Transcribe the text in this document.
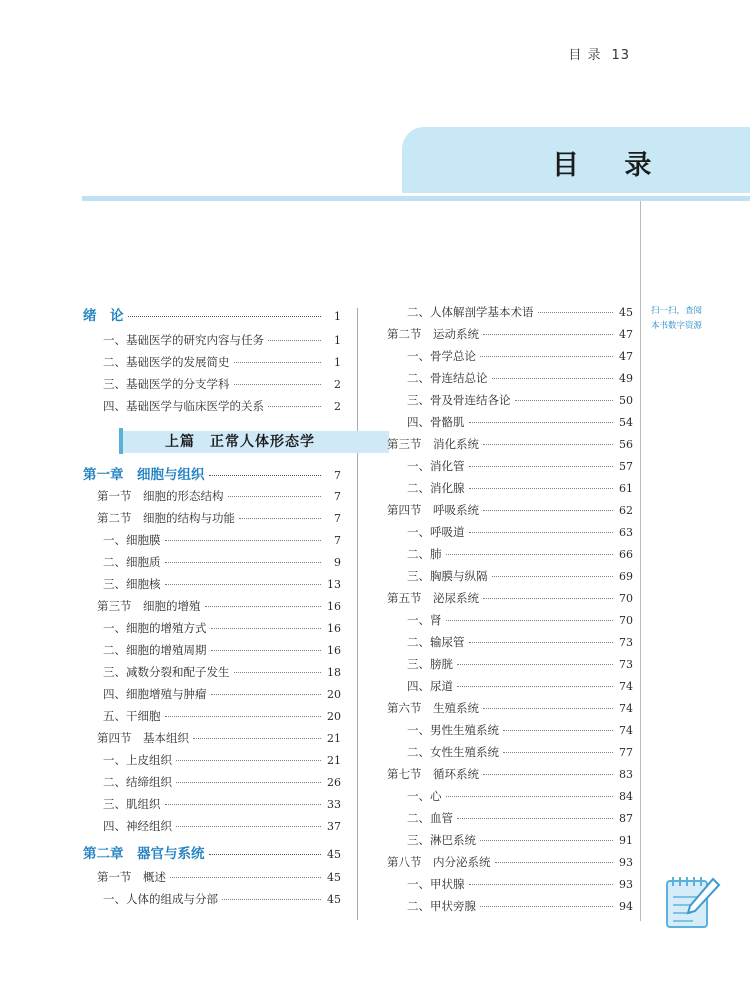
目 录 13
目 录
扫一扫，查阅
本书数字资源
绪　论	1
一、基础医学的研究内容与任务	1
二、基础医学的发展简史	1
三、基础医学的分支学科	2
四、基础医学与临床医学的关系	2
上篇　正常人体形态学
第一章　细胞与组织	7
第一节　细胞的形态结构	7
第二节　细胞的结构与功能	7
一、细胞膜	7
二、细胞质	9
三、细胞核	13
第三节　细胞的增殖	16
一、细胞的增殖方式	16
二、细胞的增殖周期	16
三、减数分裂和配子发生	18
四、细胞增殖与肿瘤	20
五、干细胞	20
第四节　基本组织	21
一、上皮组织	21
二、结缔组织	26
三、肌组织	33
四、神经组织	37
第二章　器官与系统	45
第一节　概述	45
一、人体的组成与分部	45
二、人体解剖学基本术语	45
第二节　运动系统	47
一、骨学总论	47
二、骨连结总论	49
三、骨及骨连结各论	50
四、骨骼肌	54
第三节　消化系统	56
一、消化管	57
二、消化腺	61
第四节　呼吸系统	62
一、呼吸道	63
二、肺	66
三、胸膜与纵隔	69
第五节　泌尿系统	70
一、肾	70
二、输尿管	73
三、膀胱	73
四、尿道	74
第六节　生殖系统	74
一、男性生殖系统	74
二、女性生殖系统	77
第七节　循环系统	83
一、心	84
二、血管	87
三、淋巴系统	91
第八节　内分泌系统	93
一、甲状腺	93
二、甲状旁腺	94
